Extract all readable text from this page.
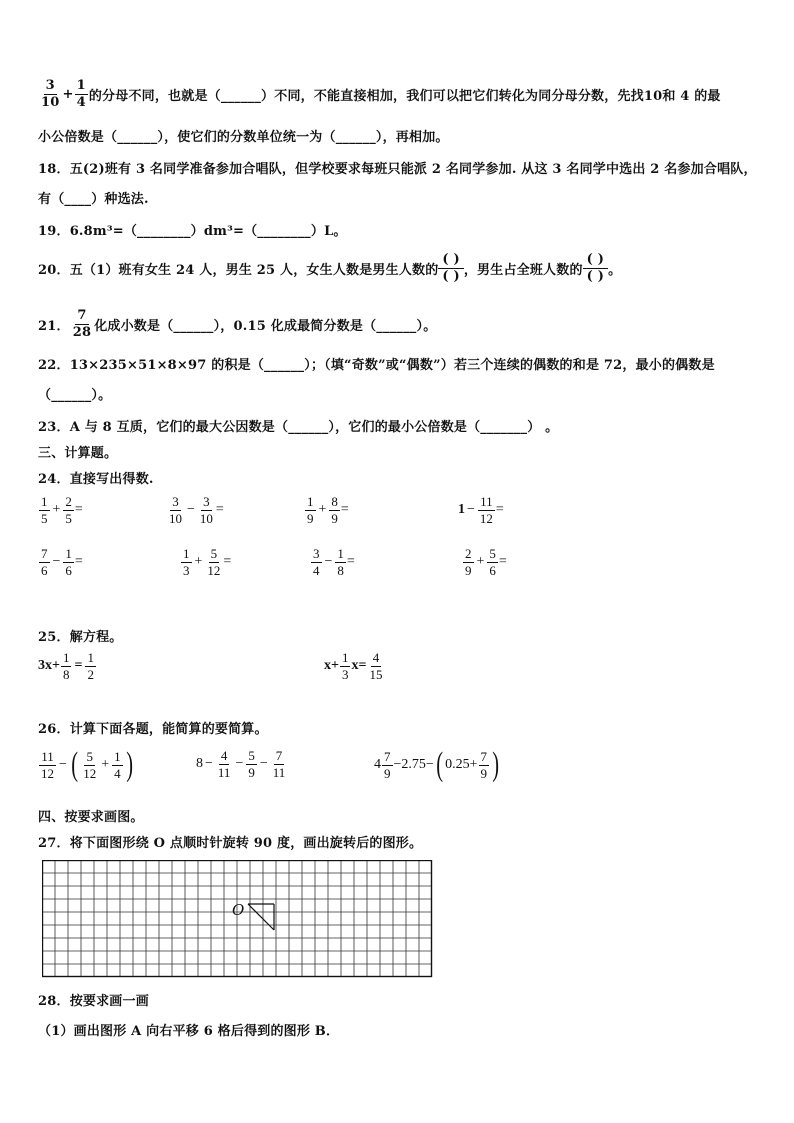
$\frac{3}{10} + \frac{1}{4}$ 的分母不同，也就是（______）不同，不能直接相加，我们可以把它们转化为同分母分数，先找10和 4 的最
小公倍数是（______），使它们的分数单位统一为（______），再相加。
18．五(2)班有 3 名同学准备参加合唱队，但学校要求每班只能派 2 名同学参加. 从这 3 名同学中选出 2 名参加合唱队，
有（____）种选法.
19．6.8m³=（________）dm³=（________）L。
20．五（1）班有女生 24 人，男生 25 人，女生人数是男生人数的 $\frac{( )}{( )}$ ，男生占全班人数的 $\frac{( )}{( )}$ 。
21． $\frac{7}{28}$ 化成小数是（______），0.15 化成最简分数是（______）。
22．13×235×51×8×97 的积是（______）；（填“奇数”或“偶数”）若三个连续的偶数的和是 72，最小的偶数是
（______）。
23．A 与 8 互质，它们的最大公因数是（______），它们的最小公倍数是（_______） 。
三、计算题。
24．直接写出得数.
$\frac{1}{5} + \frac{2}{5}$ =	$\frac{3}{10} - \frac{3}{10}$ =	$\frac{1}{9} + \frac{8}{9}$ =	$1 - \frac{11}{12}$ =
$\frac{7}{6} - \frac{1}{6}$ =	$\frac{1}{3} + \frac{5}{12}$ =	$\frac{3}{4} - \frac{1}{8}$ =	$\frac{2}{9} + \frac{5}{6}$ =
25．解方程。
$3x+ \frac{1}{8} = \frac{1}{2}$	$x+ \frac{1}{3} x= \frac{4}{15}$
26．计算下面各题，能简算的要简算。
$\frac{11}{12}$ − ( $\frac{5}{12} + \frac{1}{4}$ )	$8 - \frac{4}{11} - \frac{5}{9} - \frac{7}{11}$	$4 \frac{7}{9} -2.75-$ ( $0.25+ \frac{7}{9}$ )
四、按要求画图。
27．将下面图形绕 O 点顺时针旋转 90 度，画出旋转后的图形。
O
28．按要求画一画
（1）画出图形 A 向右平移 6 格后得到的图形 B．
